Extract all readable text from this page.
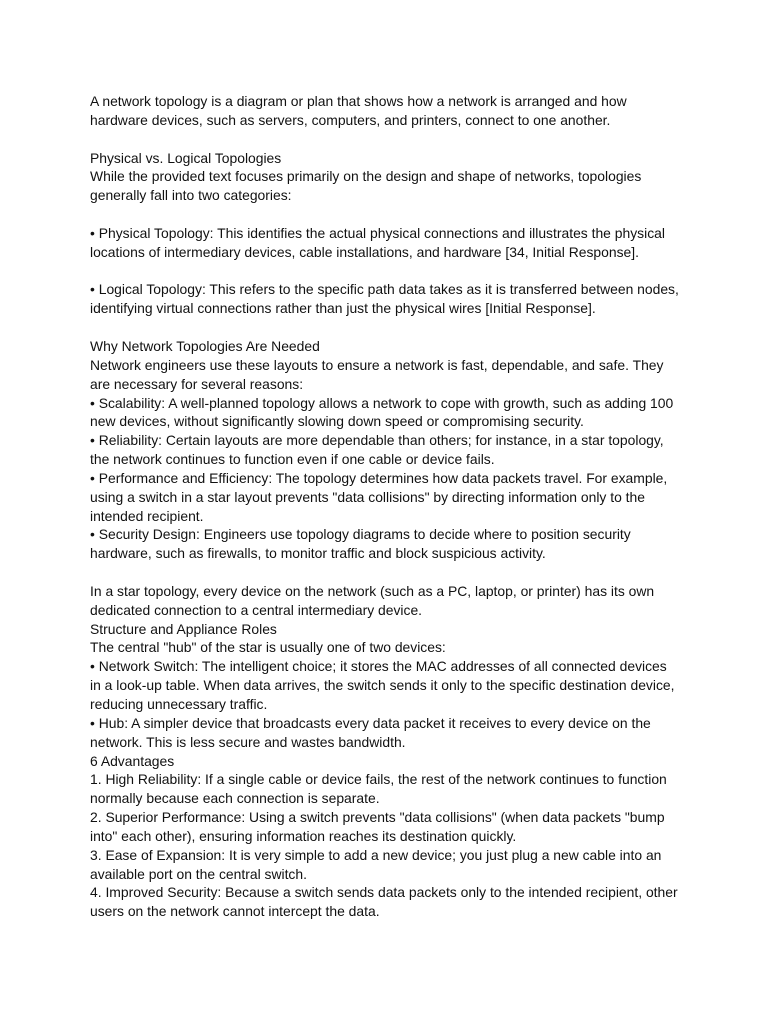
A network topology is a diagram or plan that shows how a network is arranged and how
hardware devices, such as servers, computers, and printers, connect to one another.

Physical vs. Logical Topologies

While the provided text focuses primarily on the design and shape of networks, topologies
generally fall into two categories:

• Physical Topology: This identifies the actual physical connections and illustrates the physical
locations of intermediary devices, cable installations, and hardware [34, Initial Response].

• Logical Topology: This refers to the specific path data takes as it is transferred between nodes,
identifying virtual connections rather than just the physical wires [Initial Response].

Why Network Topologies Are Needed

Network engineers use these layouts to ensure a network is fast, dependable, and safe. They
are necessary for several reasons:

• Scalability: A well-planned topology allows a network to cope with growth, such as adding 100
new devices, without significantly slowing down speed or compromising security.

• Reliability: Certain layouts are more dependable than others; for instance, in a star topology,
the network continues to function even if one cable or device fails.

• Performance and Efficiency: The topology determines how data packets travel. For example,
using a switch in a star layout prevents "data collisions" by directing information only to the
intended recipient.

• Security Design: Engineers use topology diagrams to decide where to position security
hardware, such as firewalls, to monitor traffic and block suspicious activity.

In a star topology, every device on the network (such as a PC, laptop, or printer) has its own
dedicated connection to a central intermediary device.

Structure and Appliance Roles

The central "hub" of the star is usually one of two devices:

• Network Switch: The intelligent choice; it stores the MAC addresses of all connected devices
in a look-up table. When data arrives, the switch sends it only to the specific destination device,
reducing unnecessary traffic.

• Hub: A simpler device that broadcasts every data packet it receives to every device on the
network. This is less secure and wastes bandwidth.

6 Advantages

1. High Reliability: If a single cable or device fails, the rest of the network continues to function
normally because each connection is separate.

2. Superior Performance: Using a switch prevents "data collisions" (when data packets "bump
into" each other), ensuring information reaches its destination quickly.

3. Ease of Expansion: It is very simple to add a new device; you just plug a new cable into an
available port on the central switch.

4. Improved Security: Because a switch sends data packets only to the intended recipient, other
users on the network cannot intercept the data.
